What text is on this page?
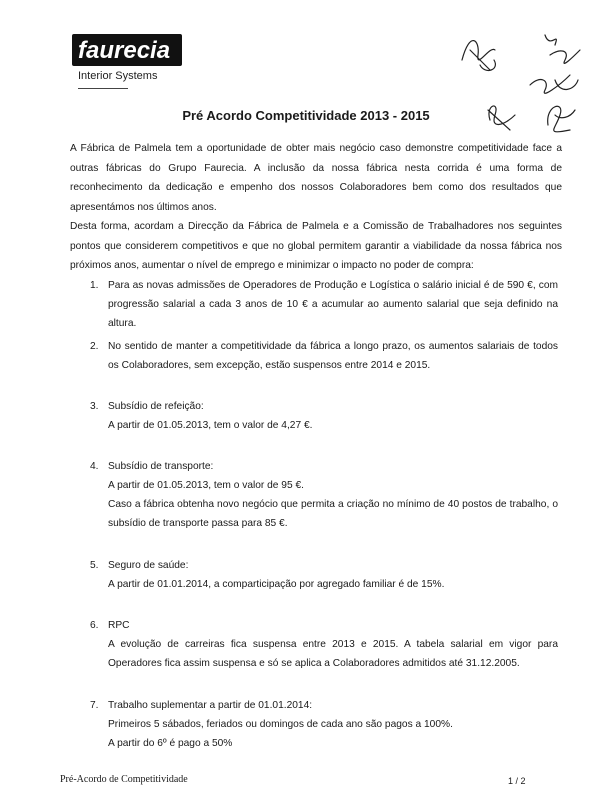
faurecia
Interior Systems
Pré Acordo Competitividade 2013 - 2015

A Fábrica de Palmela tem a oportunidade de obter mais negócio caso demonstre competitividade face a outras fábricas do Grupo Faurecia. A inclusão da nossa fábrica nesta corrida é uma forma de reconhecimento da dedicação e empenho dos nossos Colaboradores bem como dos resultados que apresentámos nos últimos anos.

Desta forma, acordam a Direcção da Fábrica de Palmela e a Comissão de Trabalhadores nos seguintes pontos que considerem competitivos e que no global permitem garantir a viabilidade da nossa fábrica nos próximos anos, aumentar o nível de emprego e minimizar o impacto no poder de compra:

1. Para as novas admissões de Operadores de Produção e Logística o salário inicial é de 590 €, com progressão salarial a cada 3 anos de 10 € a acumular ao aumento salarial que seja definido na altura.

2. No sentido de manter a competitividade da fábrica a longo prazo, os aumentos salariais de todos os Colaboradores, sem excepção, estão suspensos entre 2014 e 2015.

3. Subsídio de refeição:

A partir de 01.05.2013, tem o valor de 4,27 €.

4. Subsídio de transporte:

A partir de 01.05.2013, tem o valor de 95 €.

Caso a fábrica obtenha novo negócio que permita a criação no mínimo de 40 postos de trabalho, o subsídio de transporte passa para 85 €.

5. Seguro de saúde:

A partir de 01.01.2014, a comparticipação por agregado familiar é de 15%.

6. RPC

A evolução de carreiras fica suspensa entre 2013 e 2015. A tabela salarial em vigor para Operadores fica assim suspensa e só se aplica a Colaboradores admitidos até 31.12.2005.

7. Trabalho suplementar a partir de 01.01.2014:

Primeiros 5 sábados, feriados ou domingos de cada ano são pagos a 100%.

A partir do 6º é pago a 50%

Pré-Acordo de Competitividade	1 / 2
